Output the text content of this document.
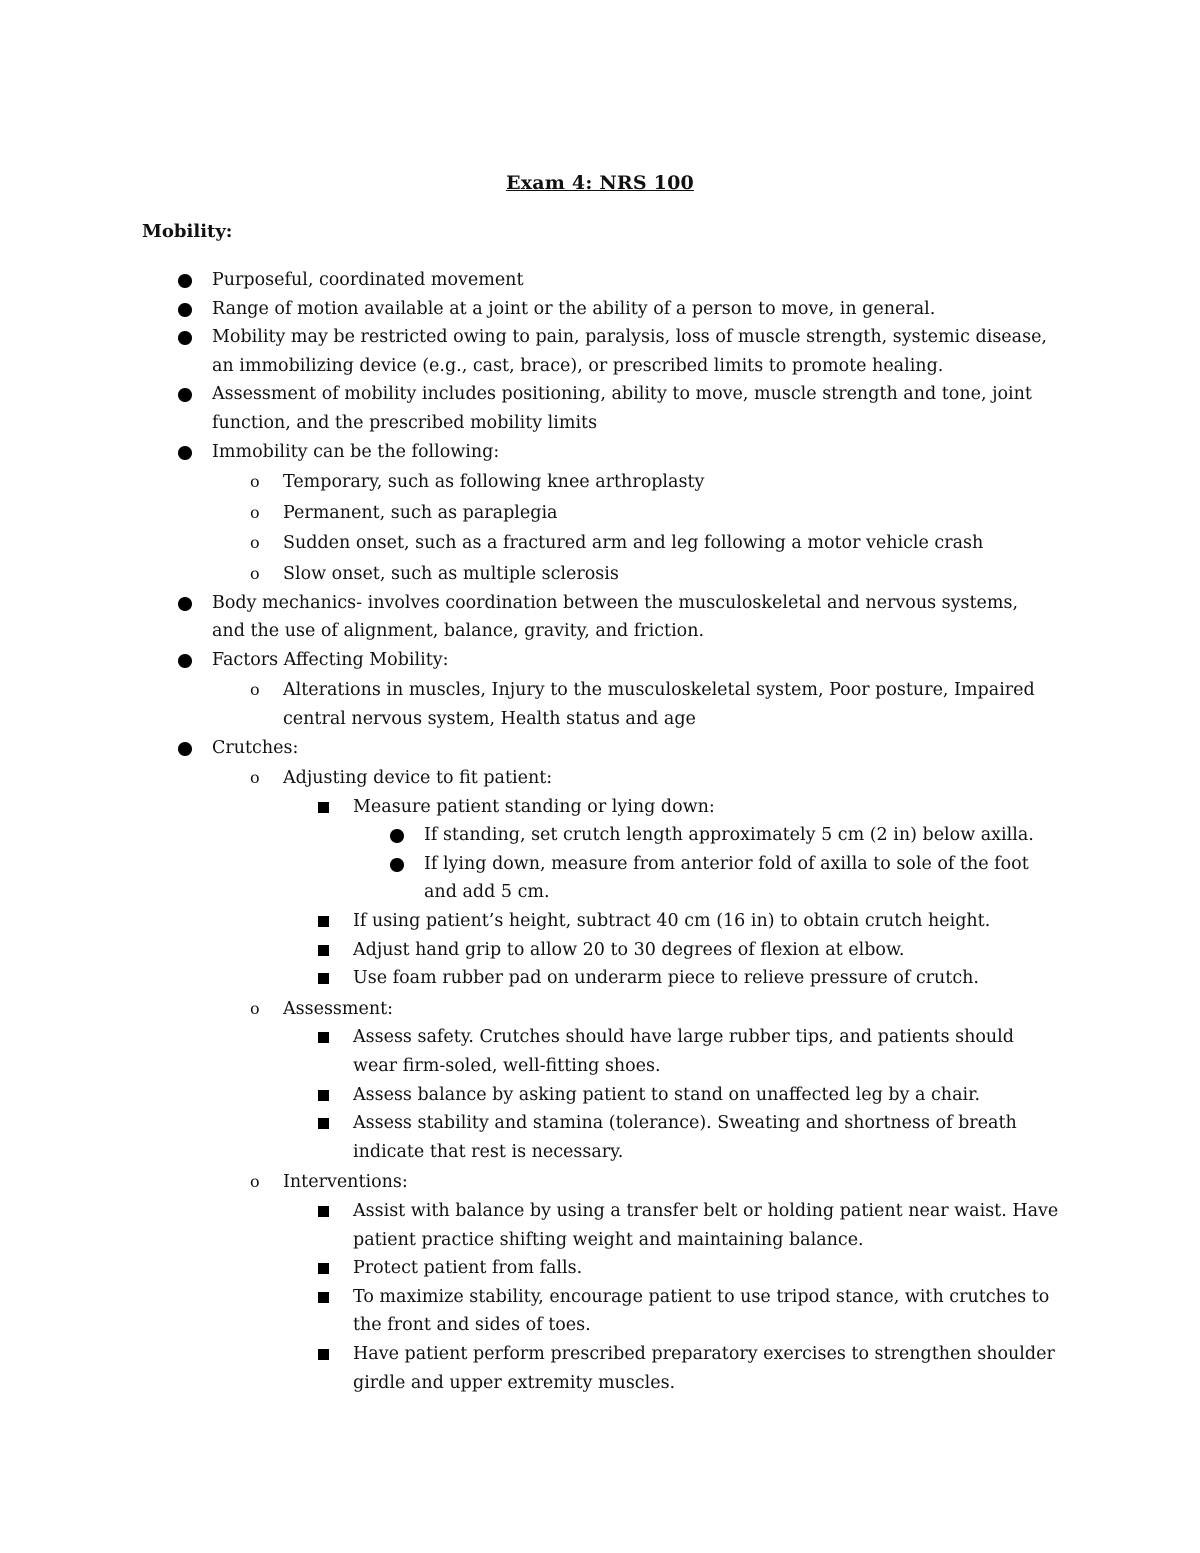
Exam 4: NRS 100
Mobility:
Purposeful, coordinated movement
Range of motion available at a joint or the ability of a person to move, in general.
Mobility may be restricted owing to pain, paralysis, loss of muscle strength, systemic disease, an immobilizing device (e.g., cast, brace), or prescribed limits to promote healing.
Assessment of mobility includes positioning, ability to move, muscle strength and tone, joint function, and the prescribed mobility limits
Immobility can be the following:
o Temporary, such as following knee arthroplasty
o Permanent, such as paraplegia
o Sudden onset, such as a fractured arm and leg following a motor vehicle crash
o Slow onset, such as multiple sclerosis
Body mechanics- involves coordination between the musculoskeletal and nervous systems, and the use of alignment, balance, gravity, and friction.
Factors Affecting Mobility:
o Alterations in muscles, Injury to the musculoskeletal system, Poor posture, Impaired central nervous system, Health status and age
Crutches:
o Adjusting device to fit patient:
Measure patient standing or lying down:
If standing, set crutch length approximately 5 cm (2 in) below axilla.
If lying down, measure from anterior fold of axilla to sole of the foot and add 5 cm.
If using patient’s height, subtract 40 cm (16 in) to obtain crutch height.
Adjust hand grip to allow 20 to 30 degrees of flexion at elbow.
Use foam rubber pad on underarm piece to relieve pressure of crutch.
o Assessment:
Assess safety. Crutches should have large rubber tips, and patients should wear firm-soled, well-fitting shoes.
Assess balance by asking patient to stand on unaffected leg by a chair.
Assess stability and stamina (tolerance). Sweating and shortness of breath indicate that rest is necessary.
o Interventions:
Assist with balance by using a transfer belt or holding patient near waist. Have patient practice shifting weight and maintaining balance.
Protect patient from falls.
To maximize stability, encourage patient to use tripod stance, with crutches to the front and sides of toes.
Have patient perform prescribed preparatory exercises to strengthen shoulder girdle and upper extremity muscles.
